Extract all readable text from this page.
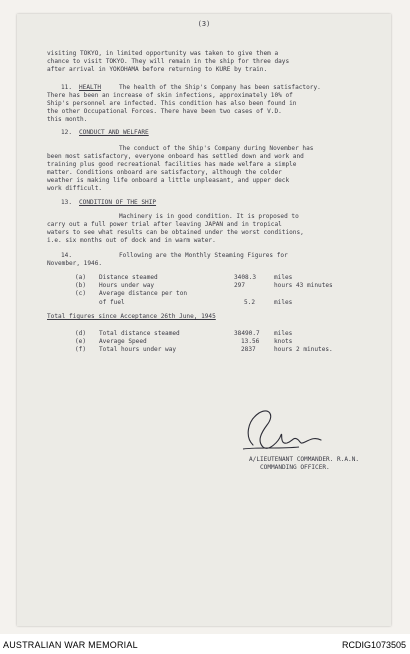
(3)
visiting TOKYO, in limited opportunity was taken to give them a
chance to visit TOKYO. They will remain in the ship for three days
after arrival in YOKOHAMA before returning to KURE by train.
11. HEALTH	The health of the Ship's Company has been satisfactory.
There has been an increase of skin infections, approximately 10% of
Ship's personnel are infected. This condition has also been found in
the other Occupational Forces. There have been two cases of V.D.
this month.
12. CONDUCT AND WELFARE
The conduct of the Ship's Company during November has
been most satisfactory, everyone onboard has settled down and work and
training plus good recreational facilities has made welfare a simple
matter. Conditions onboard are satisfactory, although the colder
weather is making life onboard a little unpleasant, and upper deck
work difficult.
13. CONDITION OF THE SHIP
Machinery is in good condition. It is proposed to
carry out a full power trial after leaving JAPAN and in tropical
waters to see what results can be obtained under the worst conditions,
i.e. six months out of dock and in warm water.
14.	Following are the Monthly Steaming Figures for
November, 1946.
(a) Distance steamed	3408.3	miles
(b) Hours under way	297	hours 43 minutes
(c) Average distance per ton
of fuel	5.2	miles
Total figures since Acceptance 26th June, 1945
(d) Total distance steamed	38490.7 miles
(e) Average Speed	13.56 knots
(f) Total hours under way	2837	hours 2 minutes.
A/LIEUTENANT COMMANDER. R.A.N.
COMMANDING OFFICER.
AUSTRALIAN WAR MEMORIAL	RCDIG1073505
